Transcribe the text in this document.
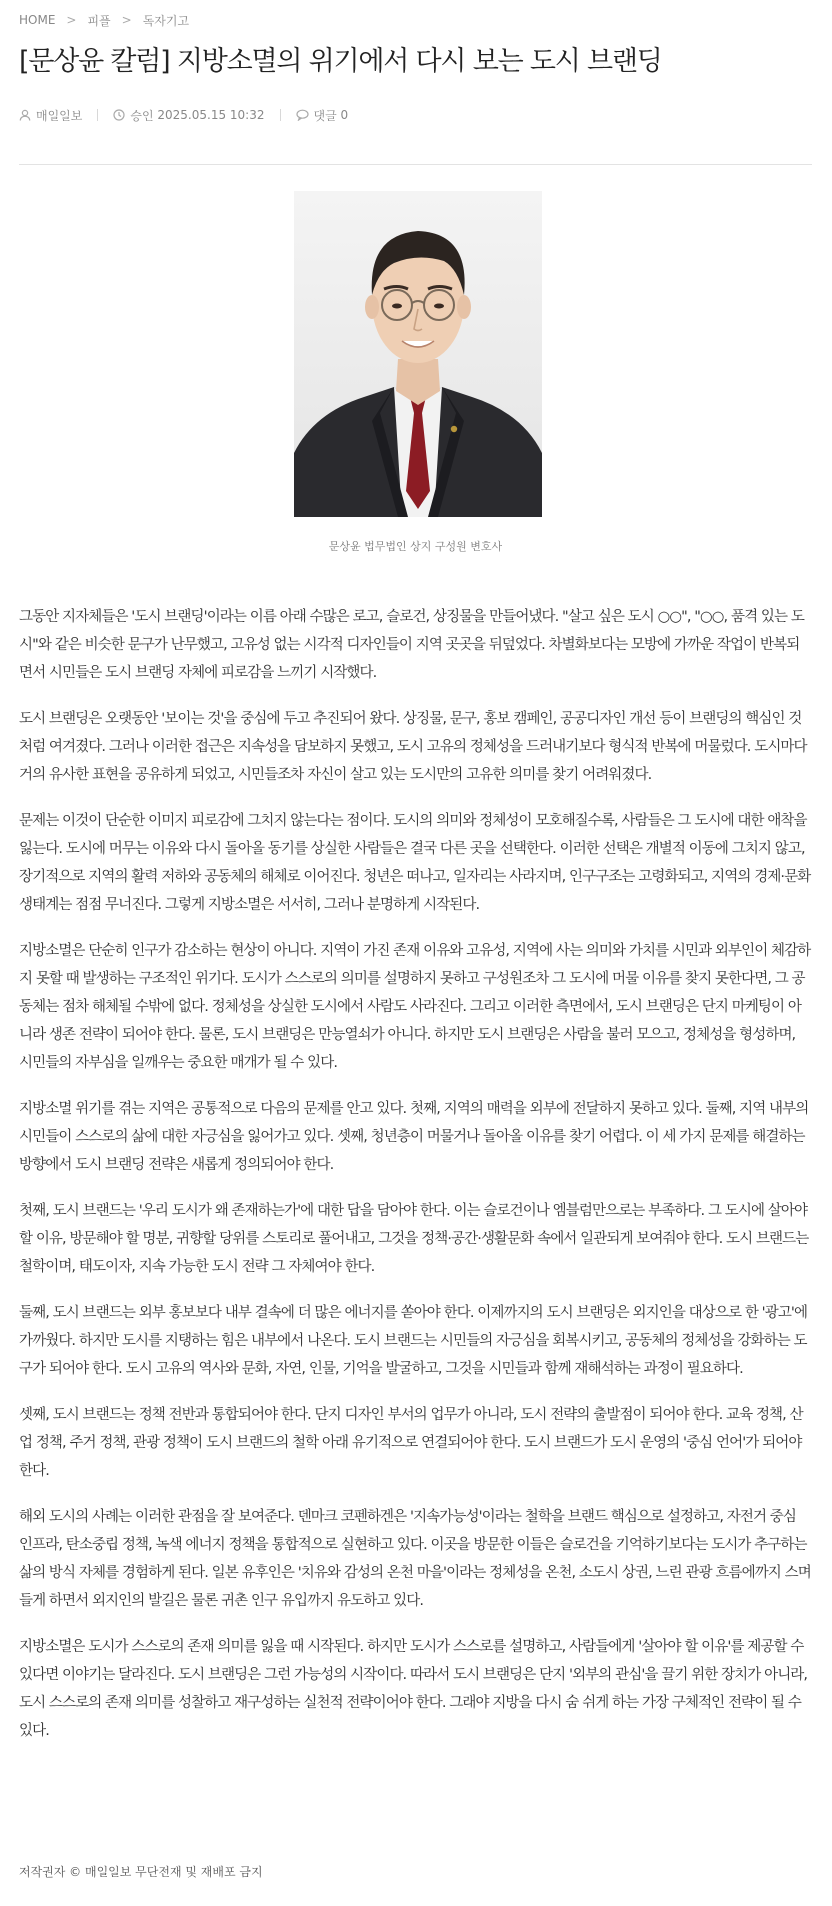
HOME > 피플 > 독자기고
[문상윤 칼럼] 지방소멸의 위기에서 다시 보는 도시 브랜딩
매일일보	승인
2025.05.15 10:32	댓글
0
문상윤 법무법인 상지 구성원 변호사

그동안 지자체들은 '도시 브랜딩'이라는 이름 아래 수많은 로고, 슬로건, 상징물을 만들어냈다. "살고 싶은 도시 ○○", "○○, 품격 있는 도시"와 같은 비슷한 문구가 난무했고, 고유성 없는 시각적 디자인들이 지역 곳곳을 뒤덮었다. 차별화보다는 모방에 가까운 작업이 반복되면서 시민들은 도시 브랜딩 자체에 피로감을 느끼기 시작했다.

도시 브랜딩은 오랫동안 '보이는 것'을 중심에 두고 추진되어 왔다. 상징물, 문구, 홍보 캠페인, 공공디자인 개선 등이 브랜딩의 핵심인 것처럼 여겨졌다. 그러나 이러한 접근은 지속성을 담보하지 못했고, 도시 고유의 정체성을 드러내기보다 형식적 반복에 머물렀다. 도시마다 거의 유사한 표현을 공유하게 되었고, 시민들조차 자신이 살고 있는 도시만의 고유한 의미를 찾기 어려워졌다.

문제는 이것이 단순한 이미지 피로감에 그치지 않는다는 점이다. 도시의 의미와 정체성이 모호해질수록, 사람들은 그 도시에 대한 애착을 잃는다. 도시에 머무는 이유와 다시 돌아올 동기를 상실한 사람들은 결국 다른 곳을 선택한다. 이러한 선택은 개별적 이동에 그치지 않고, 장기적으로 지역의 활력 저하와 공동체의 해체로 이어진다. 청년은 떠나고, 일자리는 사라지며, 인구구조는 고령화되고, 지역의 경제·문화 생태계는 점점 무너진다. 그렇게 지방소멸은 서서히, 그러나 분명하게 시작된다.

지방소멸은 단순히 인구가 감소하는 현상이 아니다. 지역이 가진 존재 이유와 고유성, 지역에 사는 의미와 가치를 시민과 외부인이 체감하지 못할 때 발생하는 구조적인 위기다. 도시가 스스로의 의미를 설명하지 못하고 구성원조차 그 도시에 머물 이유를 찾지 못한다면, 그 공동체는 점차 해체될 수밖에 없다. 정체성을 상실한 도시에서 사람도 사라진다. 그리고 이러한 측면에서, 도시 브랜딩은 단지 마케팅이 아니라 생존 전략이 되어야 한다. 물론, 도시 브랜딩은 만능열쇠가 아니다. 하지만 도시 브랜딩은 사람을 불러 모으고, 정체성을 형성하며, 시민들의 자부심을 일깨우는 중요한 매개가 될 수 있다.

지방소멸 위기를 겪는 지역은 공통적으로 다음의 문제를 안고 있다. 첫째, 지역의 매력을 외부에 전달하지 못하고 있다. 둘째, 지역 내부의 시민들이 스스로의 삶에 대한 자긍심을 잃어가고 있다. 셋째, 청년층이 머물거나 돌아올 이유를 찾기 어렵다. 이 세 가지 문제를 해결하는 방향에서 도시 브랜딩 전략은 새롭게 정의되어야 한다.

첫째, 도시 브랜드는 '우리 도시가 왜 존재하는가'에 대한 답을 담아야 한다. 이는 슬로건이나 엠블럼만으로는 부족하다. 그 도시에 살아야 할 이유, 방문해야 할 명분, 귀향할 당위를 스토리로 풀어내고, 그것을 정책·공간·생활문화 속에서 일관되게 보여줘야 한다. 도시 브랜드는 철학이며, 태도이자, 지속 가능한 도시 전략 그 자체여야 한다.

둘째, 도시 브랜드는 외부 홍보보다 내부 결속에 더 많은 에너지를 쏟아야 한다. 이제까지의 도시 브랜딩은 외지인을 대상으로 한 '광고'에 가까웠다. 하지만 도시를 지탱하는 힘은 내부에서 나온다. 도시 브랜드는 시민들의 자긍심을 회복시키고, 공동체의 정체성을 강화하는 도구가 되어야 한다. 도시 고유의 역사와 문화, 자연, 인물, 기억을 발굴하고, 그것을 시민들과 함께 재해석하는 과정이 필요하다.

셋째, 도시 브랜드는 정책 전반과 통합되어야 한다. 단지 디자인 부서의 업무가 아니라, 도시 전략의 출발점이 되어야 한다. 교육 정책, 산업 정책, 주거 정책, 관광 정책이 도시 브랜드의 철학 아래 유기적으로 연결되어야 한다. 도시 브랜드가 도시 운영의 '중심 언어'가 되어야 한다.

해외 도시의 사례는 이러한 관점을 잘 보여준다. 덴마크 코펜하겐은 '지속가능성'이라는 철학을 브랜드 핵심으로 설정하고, 자전거 중심 인프라, 탄소중립 정책, 녹색 에너지 정책을 통합적으로 실현하고 있다. 이곳을 방문한 이들은 슬로건을 기억하기보다는 도시가 추구하는 삶의 방식 자체를 경험하게 된다. 일본 유후인은 '치유와 감성의 온천 마을'이라는 정체성을 온천, 소도시 상권, 느린 관광 흐름에까지 스며들게 하면서 외지인의 발길은 물론 귀촌 인구 유입까지 유도하고 있다.

지방소멸은 도시가 스스로의 존재 의미를 잃을 때 시작된다. 하지만 도시가 스스로를 설명하고, 사람들에게 '살아야 할 이유'를 제공할 수 있다면 이야기는 달라진다. 도시 브랜딩은 그런 가능성의 시작이다. 따라서 도시 브랜딩은 단지 '외부의 관심'을 끌기 위한 장치가 아니라, 도시 스스로의 존재 의미를 성찰하고 재구성하는 실천적 전략이어야 한다. 그래야 지방을 다시 숨 쉬게 하는 가장 구체적인 전략이 될 수 있다.

저작권자 © 매일일보 무단전재 및 재배포 금지
